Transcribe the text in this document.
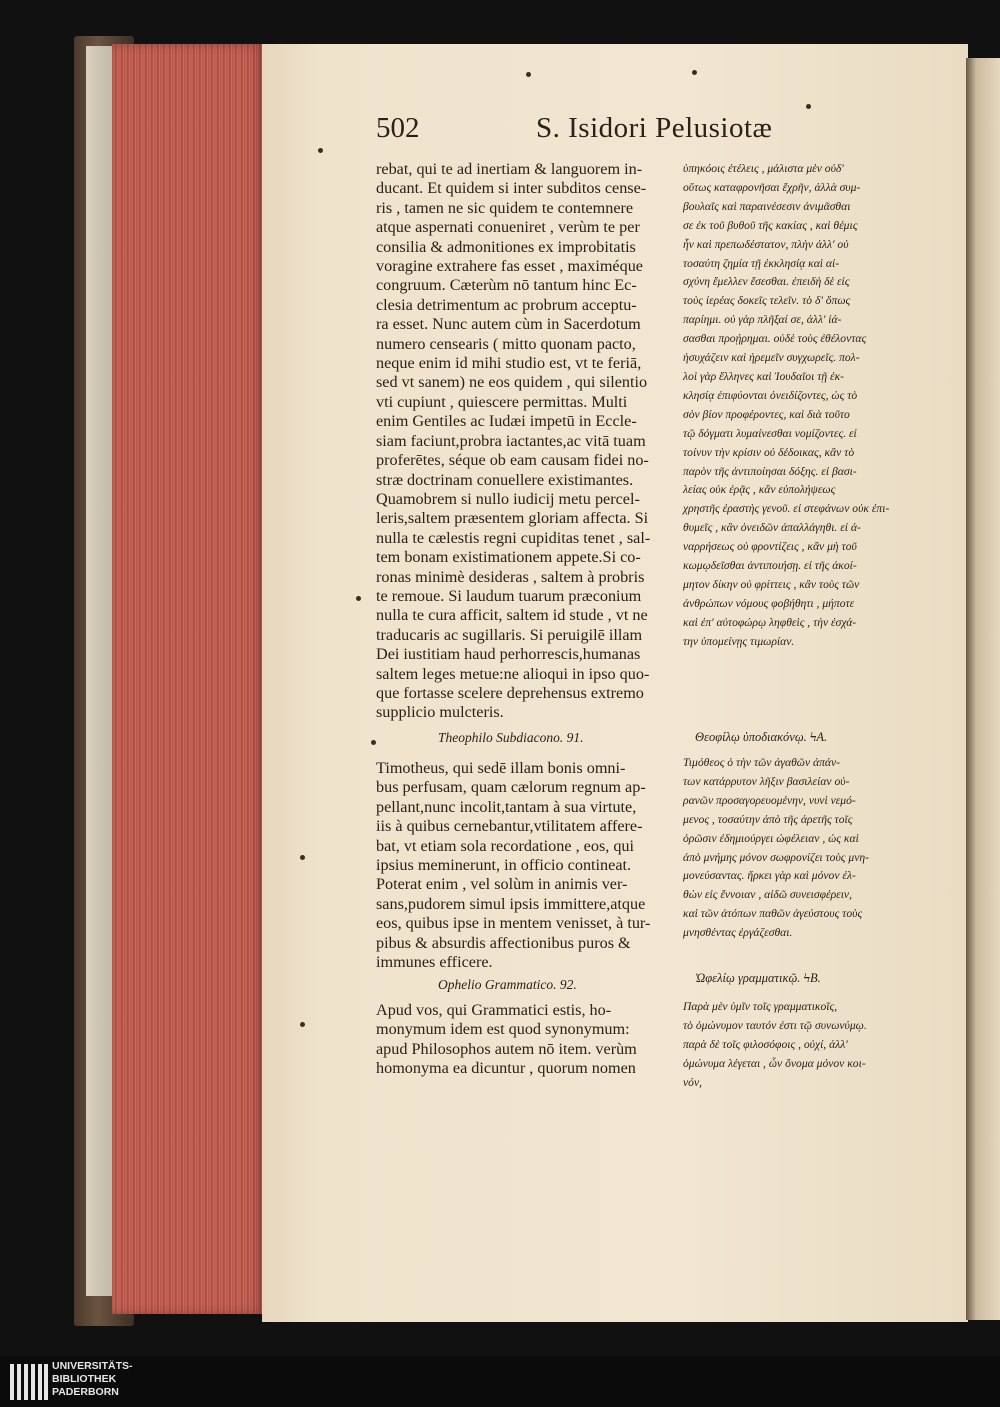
502	S. Isidori Pelusiotæ

rebat, qui te ad inertiam & languorem in-

ducant. Et quidem si inter subditos cense-

ris , tamen ne sic quidem te contemnere

atque aspernati conueniret , verùm te per

consilia & admonitiones ex improbitatis

voragine extrahere fas esset , maximéque

congruum. Cæterùm nō tantum hinc Ec-

clesia detrimentum ac probrum acceptu-

ra esset. Nunc autem cùm in Sacerdotum

numero censearis ( mitto quonam pacto,

neque enim id mihi studio est, vt te feriā,

sed vt sanem) ne eos quidem , qui silentio

vti cupiunt , quiescere permittas. Multi

enim Gentiles ac Iudæi impetū in Eccle-

siam faciunt,probra iactantes,ac vitā tuam

proferētes, séque ob eam causam fidei no-

stræ doctrinam conuellere existimantes.

Quamobrem si nullo iudicij metu percel-

leris,saltem præsentem gloriam affecta. Si

nulla te cælestis regni cupiditas tenet , sal-

tem bonam existimationem appete.Si co-

ronas minimè desideras , saltem à probris

te remoue. Si laudum tuarum præconium

nulla te cura afficit, saltem id stude , vt ne

traducaris ac sugillaris. Si peruigilē illam

Dei iustitiam haud perhorrescis,humanas

saltem leges metue:ne alioqui in ipso quo-

que fortasse scelere deprehensus extremo

supplicio mulcteris.

ὑπηκόοις ἐτέλεις , μάλιστα μὲν οὐδ'

οὕτως καταφρονῆσαι ἔχρῆν, ἀλλὰ συμ-

βουλαῖς καὶ παραινέσεσιν ἀνιμᾶσθαι

σε ἐκ τοῦ βυθοῦ τῆς κακίας , καὶ θέμις

ἦν καὶ πρεπωδέστατον, πλὴν ἀλλ' οὐ

τοσαύτη ζημία τῇ ἐκκλησίᾳ καὶ αἰ-

σχύνη ἔμελλεν ἔσεσθαι. ἐπειδὴ δὲ εἰς

τοὺς ἱερέας δοκεῖς τελεῖν. τὸ δ' ὅπως

παρίημι. οὐ γὰρ πλῆξαί σε, ἀλλ' ἰά-

σασθαι προῄρημαι. οὐδὲ τοὺς ἐθέλοντας

ἡσυχάζειν καὶ ἠρεμεῖν συγχωρεῖς. πολ-

λοὶ γὰρ ἕλληνες καὶ Ἰουδαῖοι τῇ ἐκ-

κλησίᾳ ἐπιφύονται ὀνειδίζοντες, ὡς τὸ

σὸν βίον προφέροντες, καὶ διὰ τοῦτο

τῷ δόγματι λυμαίνεσθαι νομίζοντες. εἰ

τοίνυν τὴν κρίσιν οὐ δέδοικας, κἂν τὸ

παρὸν τῆς ἀντιποίησαι δόξης. εἰ βασι-

λείας οὐκ ἐρᾷς , κἂν εὐπολήψεως

χρηστῆς ἐραστὴς γενοῦ. εἰ στεφάνων οὐκ ἐπι-

θυμεῖς , κἂν ὀνειδῶν ἀπαλλάγηθι. εἰ ἀ-

ναρρήσεως οὐ φροντίζεις , κἂν μὴ τοῦ

κωμῳδεῖσθαι ἀντιποιήσῃ. εἰ τῆς ἀκοί-

μητον δίκην οὐ φρίττεις , κἂν τοὺς τῶν

ἀνθρώπων νόμους φοβήθητι , μήποτε

καὶ ἐπ' αὐτοφώρῳ ληφθεὶς , τὴν ἐσχά-

την ὑπομείνῃς τιμωρίαν.

Theophilo Subdiacono. 91.	Θεοφίλῳ ὑποδιακόνῳ. ϞΑ.

Timotheus, qui sedē illam bonis omni-

bus perfusam, quam cælorum regnum ap-

pellant,nunc incolit,tantam à sua virtute,

iis à quibus cernebantur,vtilitatem affere-

bat, vt etiam sola recordatione , eos, qui

ipsius meminerunt, in officio contineat.

Poterat enim , vel solùm in animis ver-

sans,pudorem simul ipsis immittere,atque

eos, quibus ipse in mentem venisset, à tur-

pibus & absurdis affectionibus puros &

immunes efficere.

Τιμόθεος ὁ τὴν τῶν ἀγαθῶν ἀπάν-

των κατάρρυτον λῆξιν βασιλείαν οὐ-

ρανῶν προσαγορευομένην, νυνὶ νεμό-

μενος , τοσαύτην ἀπὸ τῆς ἀρετῆς τοῖς

ὁρῶσιν ἐδημιούργει ὠφέλειαν , ὡς καὶ

ἀπὸ μνήμης μόνον σωφρονίζει τοὺς μνη-

μονεύσαντας. ἤρκει γὰρ καὶ μόνον ἐλ-

θὼν εἰς ἔννοιαν , αἰδῶ συνεισφέρειν,

καὶ τῶν ἀτόπων παθῶν ἀγεύστους τοὺς

μνησθέντας ἐργάζεσθαι.

Ophelio Grammatico. 92.	Ὠφελίῳ γραμματικῷ. ϞΒ.

Apud vos, qui Grammatici estis, ho-

monymum idem est quod synonymum:

apud Philosophos autem nō item. verùm

homonyma ea dicuntur , quorum nomen

Παρὰ μὲν ὑμῖν τοῖς γραμματικοῖς,

τὸ ὁμώνυμον ταυτόν ἐστι τῷ συνωνύμῳ.

παρὰ δὲ τοῖς φιλοσόφοις , οὐχί, ἀλλ'

ὁμώνυμα λέγεται , ὧν ὄνομα μόνον κοι-

νόν,

UNIVERSITÄTS-
BIBLIOTHEK
PADERBORN
